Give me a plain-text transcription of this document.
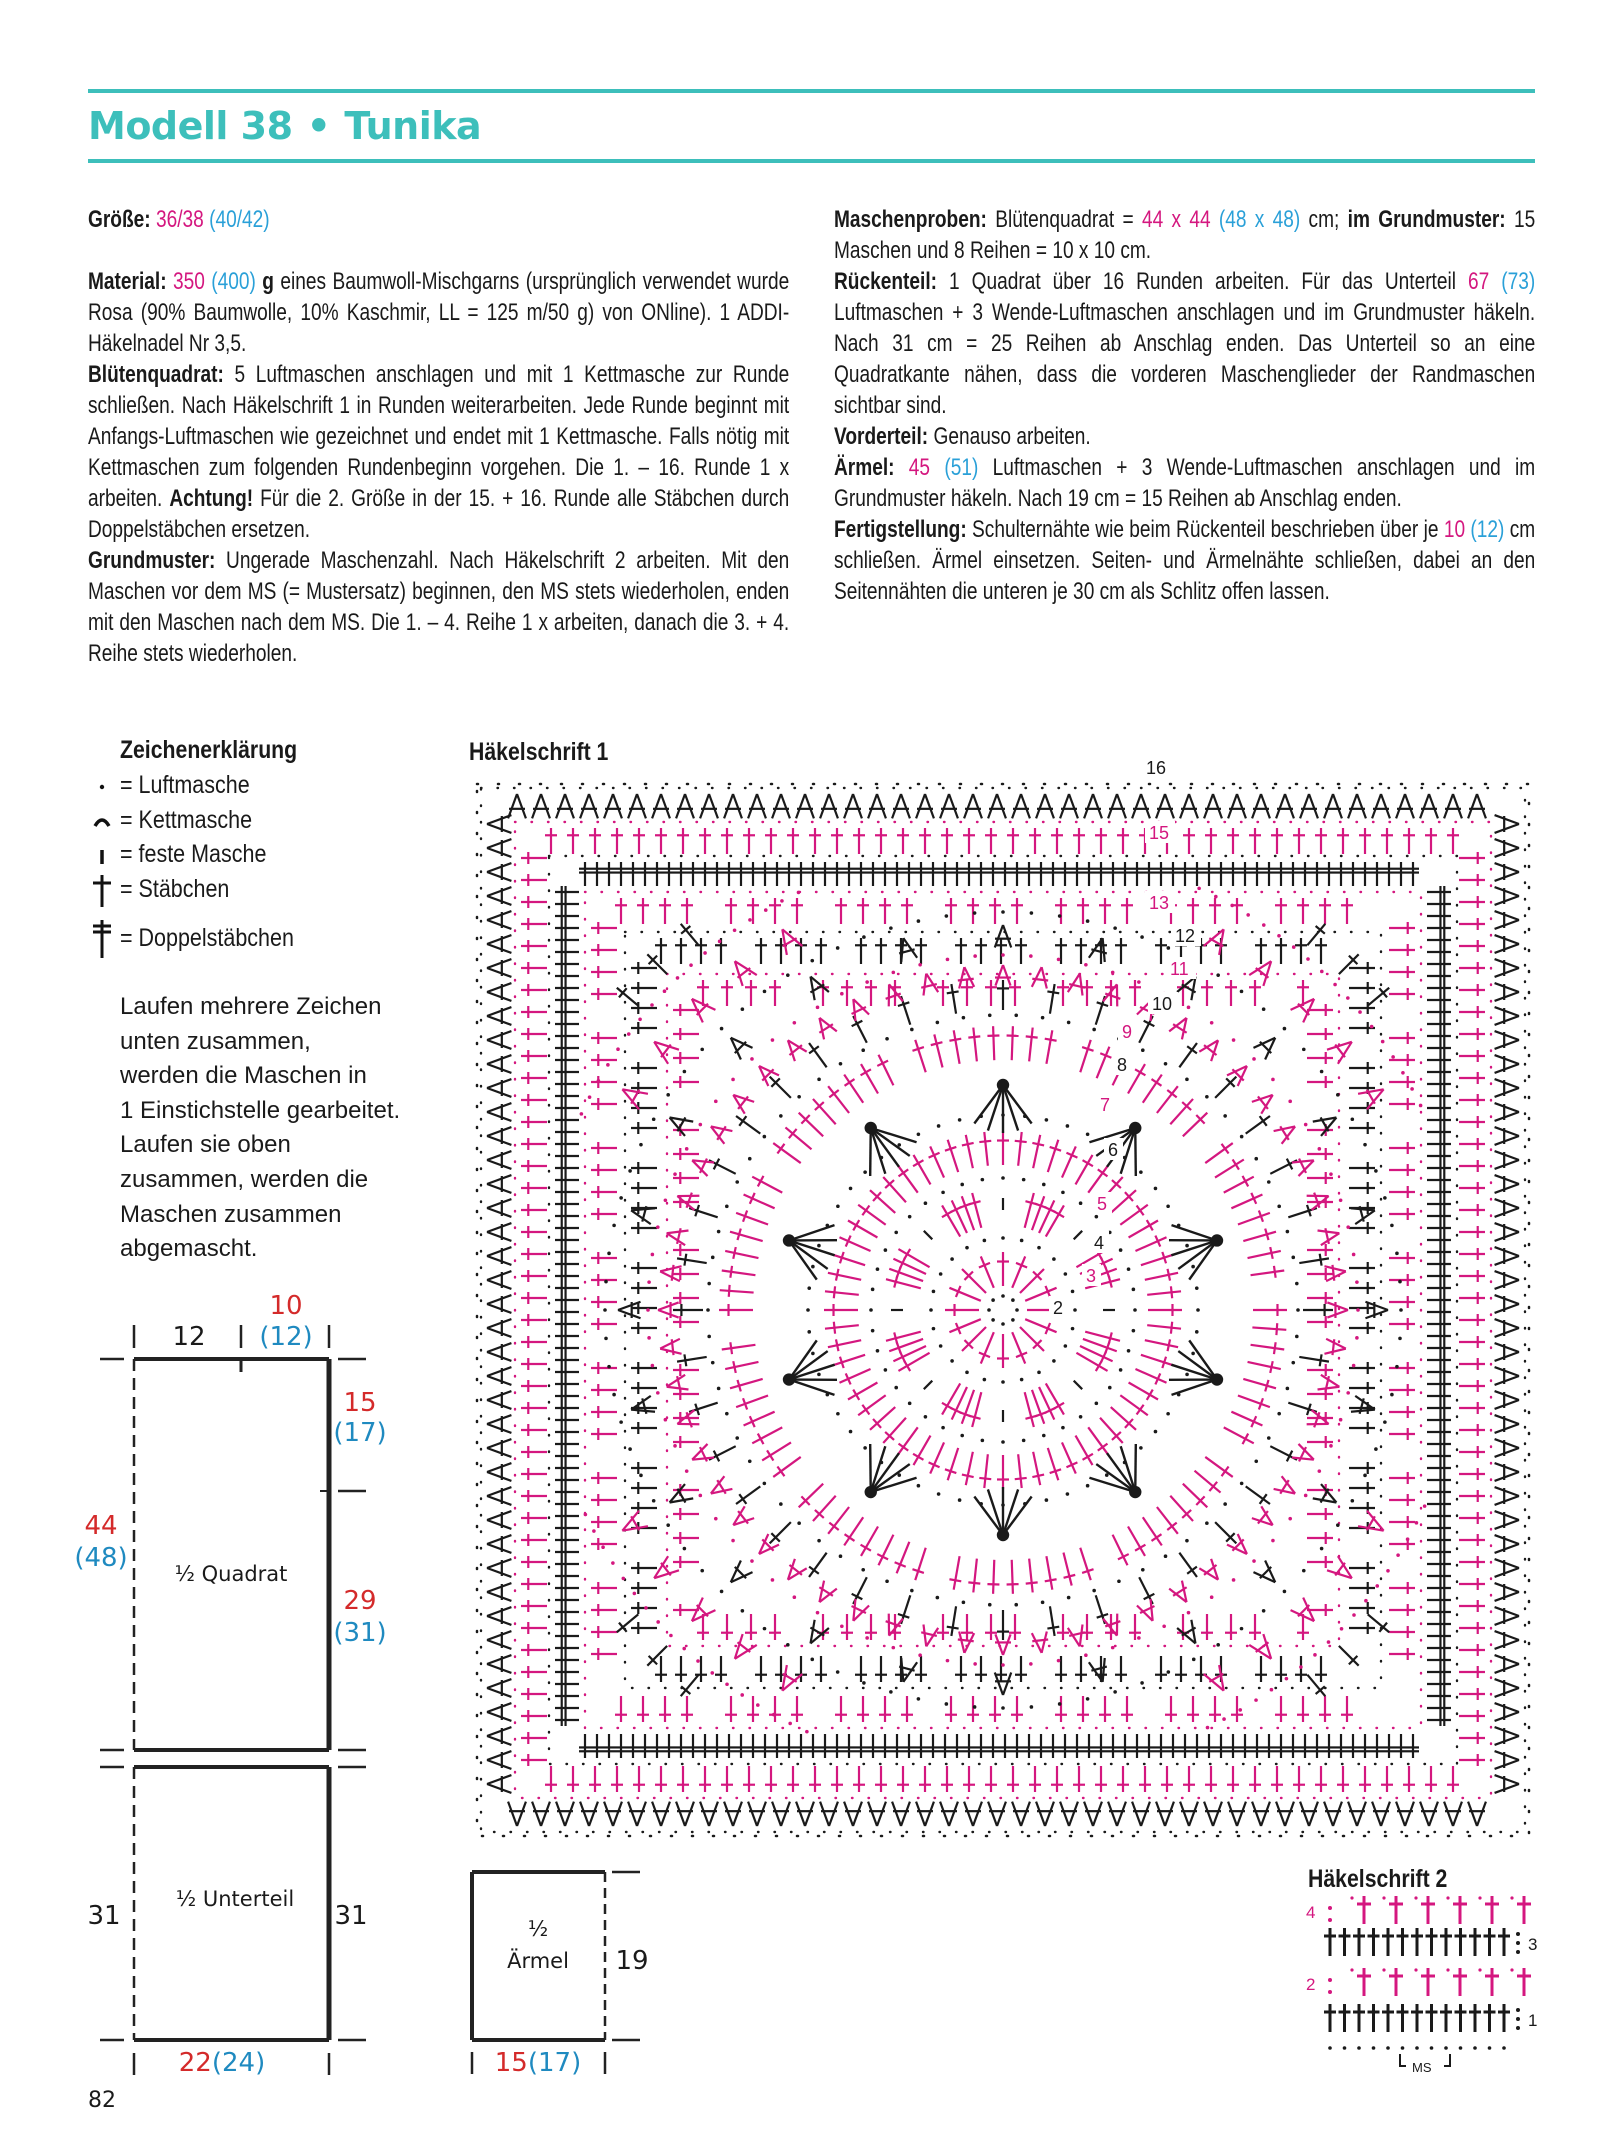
Modell 38 • Tunika

Größe: 36/38 (40/42)

Material: 350 (400) g eines Baumwoll-Mischgarns (ursprünglich verwendet wurde Rosa (90% Baumwolle, 10% Kaschmir, LL = 125 m/50 g) von ONline). 1 ADDI-Häkelnadel Nr 3,5.

Blütenquadrat: 5 Luftmaschen anschlagen und mit 1 Kettmasche zur Runde schließen. Nach Häkelschrift 1 in Runden weiterarbeiten. Jede Runde beginnt mit Anfangs-Luftmaschen wie gezeichnet und endet mit 1 Kettmasche. Falls nötig mit Kettmaschen zum folgenden Rundenbeginn vorgehen. Die 1. – 16. Runde 1 x arbeiten. Achtung! Für die 2. Größe in der 15. + 16. Runde alle Stäbchen durch Doppelstäbchen ersetzen.

Grundmuster: Ungerade Maschenzahl. Nach Häkelschrift 2 arbeiten. Mit den Maschen vor dem MS (= Mustersatz) beginnen, den MS stets wiederholen, enden mit den Maschen nach dem MS. Die 1. – 4. Reihe 1 x arbeiten, danach die 3. + 4. Reihe stets wiederholen.

Maschenproben: Blütenquadrat = 44 x 44 (48 x 48) cm; im Grundmuster: 15 Maschen und 8 Reihen = 10 x 10 cm.

Rückenteil: 1 Quadrat über 16 Runden arbeiten. Für das Unterteil 67 (73) Luftmaschen + 3 Wende-Luftmaschen anschlagen und im Grundmuster häkeln. Nach 31 cm = 25 Reihen ab Anschlag enden. Das Unterteil so an eine Quadratkante nähen, dass die vorderen Maschenglieder der Randmaschen sichtbar sind.

Vorderteil: Genauso arbeiten.

Ärmel: 45 (51) Luftmaschen + 3 Wende-Luftmaschen anschlagen und im Grundmuster häkeln. Nach 19 cm = 15 Reihen ab Anschlag enden.

Fertigstellung: Schulternähte wie beim Rückenteil beschrieben über je 10 (12) cm schließen. Ärmel einsetzen. Seiten- und Ärmelnähte schließen, dabei an den Seitennähten die unteren je 30 cm als Schlitz offen lassen.

Zeichenerklärung
= Luftmasche
= Kettmasche
= feste Masche
= Stäbchen
= Doppelstäbchen
Laufen mehrere Zeichen
unten zusammen,
werden die Maschen in
1 Einstichstelle gearbeitet.
Laufen sie oben
zusammen, werden die
Maschen zusammen
abgemascht.
Häkelschrift 1
2
3
4
5
6
7
8
9
10
11
12
13
15
16
12
10
(12)
15
(17)
44
(48)
½ Quadrat
29
(31)
½ Unterteil
31	31
22(24)
½
Ärmel 19
15(17)
Häkelschrift 2
4
3
2
1
MS
82
